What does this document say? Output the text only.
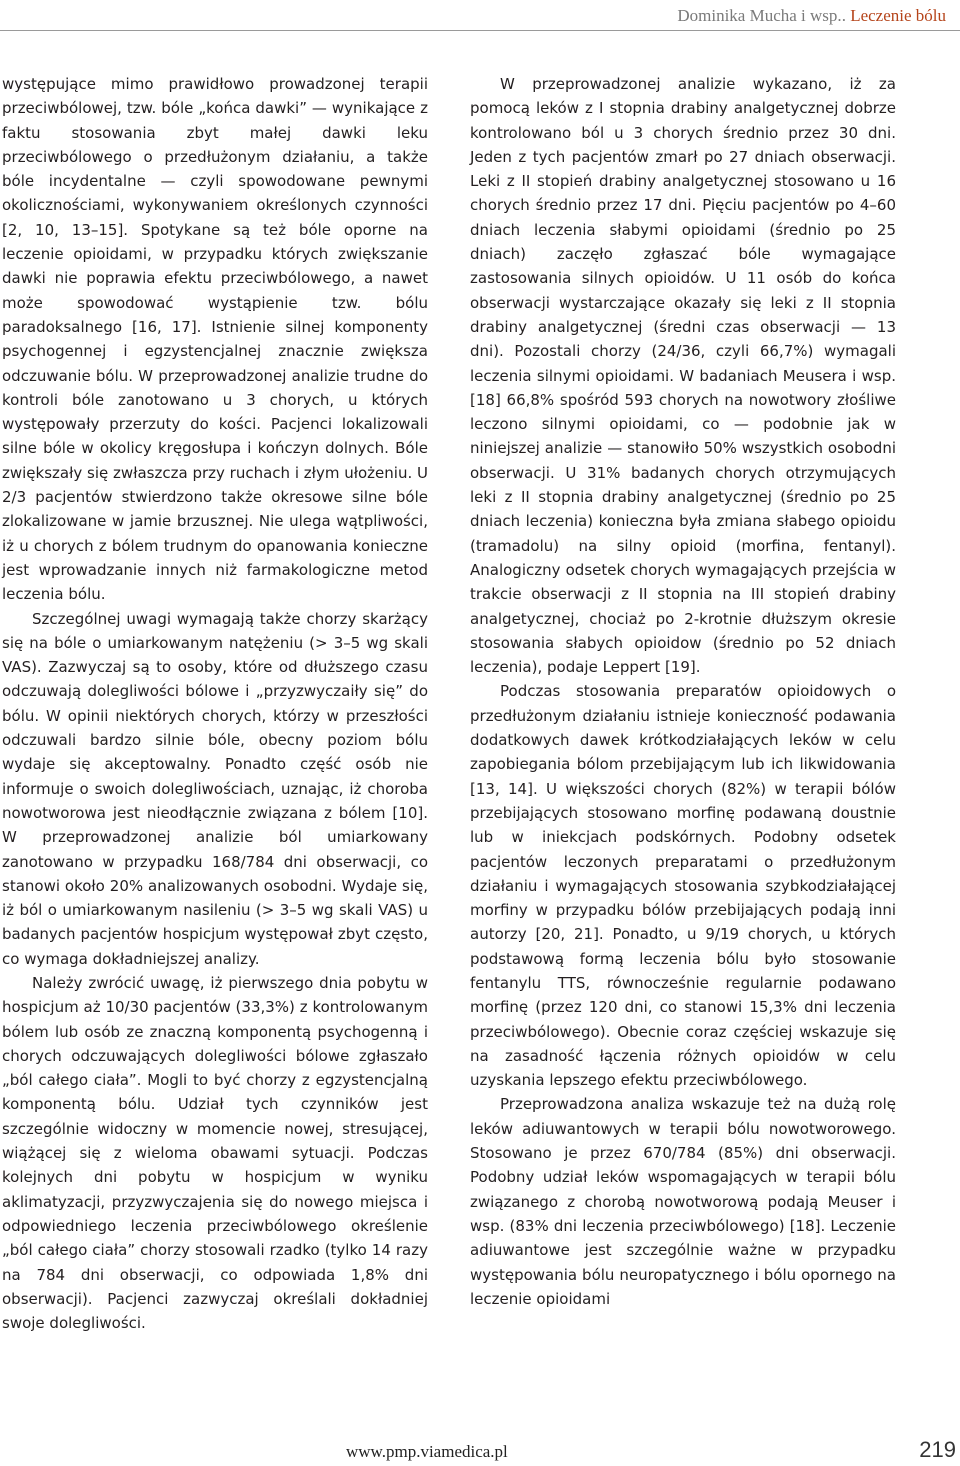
Dominika Mucha i wsp.. Leczenie bólu

występujące mimo prawidłowo prowadzonej terapii przeciwbólowej, tzw. bóle „końca dawki” — wynikające z faktu stosowania zbyt małej dawki leku przeciwbólowego o przedłużonym działaniu, a także bóle incydentalne — czyli spowodowane pewnymi okolicznościami, wykonywaniem określonych czynności [2, 10, 13–15]. Spotykane są też bóle oporne na leczenie opioidami, w przypadku których zwiększanie dawki nie poprawia efektu przeciwbólowego, a nawet może spowodować wystąpienie tzw. bólu paradoksalnego [16, 17]. Istnienie silnej komponenty psychogennej i egzystencjalnej znacznie zwiększa odczuwanie bólu. W przeprowadzonej analizie trudne do kontroli bóle zanotowano u 3 chorych, u których występowały przerzuty do kości. Pacjenci lokalizowali silne bóle w okolicy kręgosłupa i kończyn dolnych. Bóle zwiększały się zwłaszcza przy ruchach i złym ułożeniu. U 2/3 pacjentów stwierdzono także okresowe silne bóle zlokalizowane w jamie brzusznej. Nie ulega wątpliwości, iż u chorych z bólem trudnym do opanowania konieczne jest wprowadzanie innych niż farmakologiczne metod leczenia bólu.

Szczególnej uwagi wymagają także chorzy skarżący się na bóle o umiarkowanym natężeniu (> 3–5 wg skali VAS). Zazwyczaj są to osoby, które od dłuższego czasu odczuwają dolegliwości bólowe i „przyzwyczaiły się” do bólu. W opinii niektórych chorych, którzy w przeszłości odczuwali bardzo silnie bóle, obecny poziom bólu wydaje się akceptowalny. Ponadto część osób nie informuje o swoich dolegliwościach, uznając, iż choroba nowotworowa jest nieodłącznie związana z bólem [10]. W przeprowadzonej analizie ból umiarkowany zanotowano w przypadku 168/784 dni obserwacji, co stanowi około 20% analizowanych osobodni. Wydaje się, iż ból o umiarkowanym nasileniu (> 3–5 wg skali VAS) u badanych pacjentów hospicjum występował zbyt często, co wymaga dokładniejszej analizy.

Należy zwrócić uwagę, iż pierwszego dnia pobytu w hospicjum aż 10/30 pacjentów (33,3%) z kontrolowanym bólem lub osób ze znaczną komponentą psychogenną i chorych odczuwających dolegliwości bólowe zgłaszało „ból całego ciała”. Mogli to być chorzy z egzystencjalną komponentą bólu. Udział tych czynników jest szczególnie widoczny w momencie nowej, stresującej, wiążącej się z wieloma obawami sytuacji. Podczas kolejnych dni pobytu w hospicjum w wyniku aklimatyzacji, przyzwyczajenia się do nowego miejsca i odpowiedniego leczenia przeciwbólowego określenie „ból całego ciała” chorzy stosowali rzadko (tylko 14 razy na 784 dni obserwacji, co odpowiada 1,8% dni obserwacji). Pacjenci zazwyczaj określali dokładniej swoje dolegliwości.

W przeprowadzonej analizie wykazano, iż za pomocą leków z I stopnia drabiny analgetycznej dobrze kontrolowano ból u 3 chorych średnio przez 30 dni. Jeden z tych pacjentów zmarł po 27 dniach obserwacji. Leki z II stopień drabiny analgetycznej stosowano u 16 chorych średnio przez 17 dni. Pięciu pacjentów po 4–60 dniach leczenia słabymi opioidami (średnio po 25 dniach) zaczęło zgłaszać bóle wymagające zastosowania silnych opioidów. U 11 osób do końca obserwacji wystarczające okazały się leki z II stopnia drabiny analgetycznej (średni czas obserwacji — 13 dni). Pozostali chorzy (24/36, czyli 66,7%) wymagali leczenia silnymi opioidami. W badaniach Meusera i wsp. [18] 66,8% spośród 593 chorych na nowotwory złośliwe leczono silnymi opioidami, co — podobnie jak w niniejszej analizie — stanowiło 50% wszystkich osobodni obserwacji. U 31% badanych chorych otrzymujących leki z II stopnia drabiny analgetycznej (średnio po 25 dniach leczenia) konieczna była zmiana słabego opioidu (tramadolu) na silny opioid (morfina, fentanyl). Analogiczny odsetek chorych wymagających przejścia w trakcie obserwacji z II stopnia na III stopień drabiny analgetycznej, chociaż po 2-krotnie dłuższym okresie stosowania słabych opioidow (średnio po 52 dniach leczenia), podaje Leppert [19].

Podczas stosowania preparatów opioidowych o przedłużonym działaniu istnieje konieczność podawania dodatkowych dawek krótkodziałających leków w celu zapobiegania bólom przebijającym lub ich likwidowania [13, 14]. U większości chorych (82%) w terapii bólów przebijających stosowano morfinę podawaną doustnie lub w iniekcjach podskórnych. Podobny odsetek pacjentów leczonych preparatami o przedłużonym działaniu i wymagających stosowania szybkodziałającej morfiny w przypadku bólów przebijających podają inni autorzy [20, 21]. Ponadto, u 9/19 chorych, u których podstawową formą leczenia bólu było stosowanie fentanylu TTS, równocześnie regularnie podawano morfinę (przez 120 dni, co stanowi 15,3% dni leczenia przeciwbólowego). Obecnie coraz częściej wskazuje się na zasadność łączenia różnych opioidów w celu uzyskania lepszego efektu przeciwbólowego.

Przeprowadzona analiza wskazuje też na dużą rolę leków adiuwantowych w terapii bólu nowotworowego. Stosowano je przez 670/784 (85%) dni obserwacji. Podobny udział leków wspomagających w terapii bólu związanego z chorobą nowotworową podają Meuser i wsp. (83% dni leczenia przeciwbólowego) [18]. Leczenie adiuwantowe jest szczególnie ważne w przypadku występowania bólu neuropatycznego i bólu opornego na leczenie opioidami

www.pmp.viamedica.pl	219
